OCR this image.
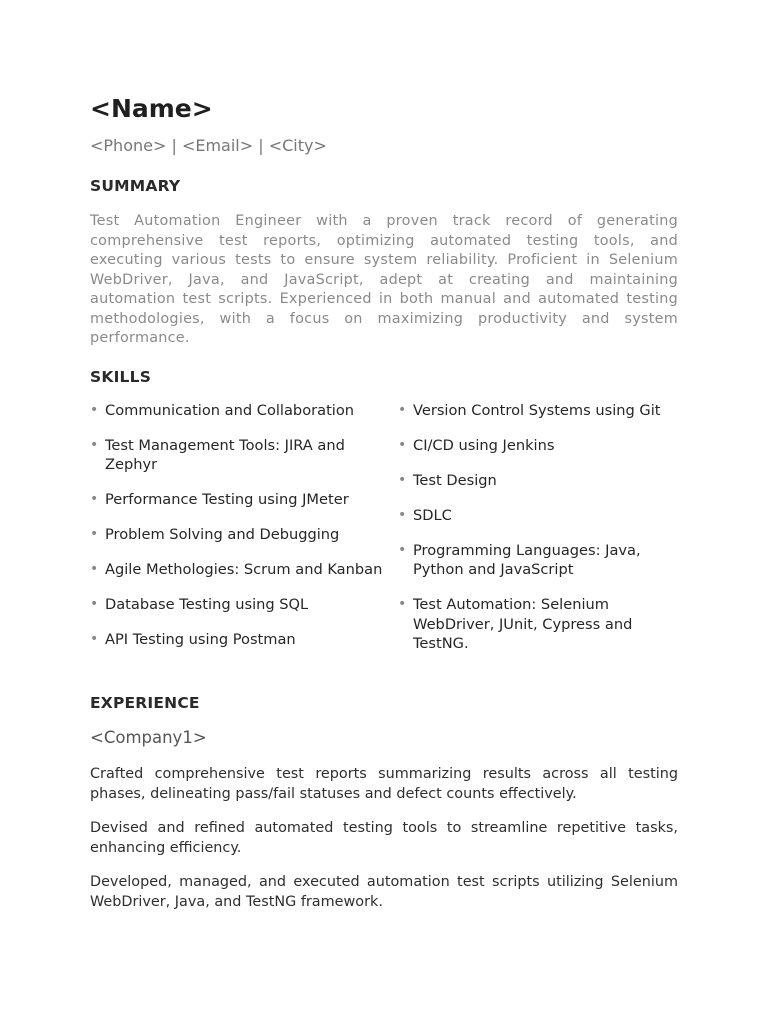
<Name>
<Phone> | <Email> | <City>
SUMMARY
Test Automation Engineer with a proven track record of generating comprehensive test reports, optimizing automated testing tools, and executing various tests to ensure system reliability. Proficient in Selenium WebDriver, Java, and JavaScript, adept at creating and maintaining automation test scripts. Experienced in both manual and automated testing methodologies, with a focus on maximizing productivity and system performance.
SKILLS
• Communication and Collaboration
• Test Management Tools: JIRA and Zephyr
• Performance Testing using JMeter
• Problem Solving and Debugging
• Agile Methologies: Scrum and Kanban
• Database Testing using SQL
• API Testing using Postman
• Version Control Systems using Git
• CI/CD using Jenkins
• Test Design
• SDLC
• Programming Languages: Java, Python and JavaScript
• Test Automation: Selenium WebDriver, JUnit, Cypress and TestNG.
EXPERIENCE
<Company1>

Crafted comprehensive test reports summarizing results across all testing phases, delineating pass/fail statuses and defect counts effectively.

Devised and refined automated testing tools to streamline repetitive tasks, enhancing efficiency.

Developed, managed, and executed automation test scripts utilizing Selenium WebDriver, Java, and TestNG framework.
